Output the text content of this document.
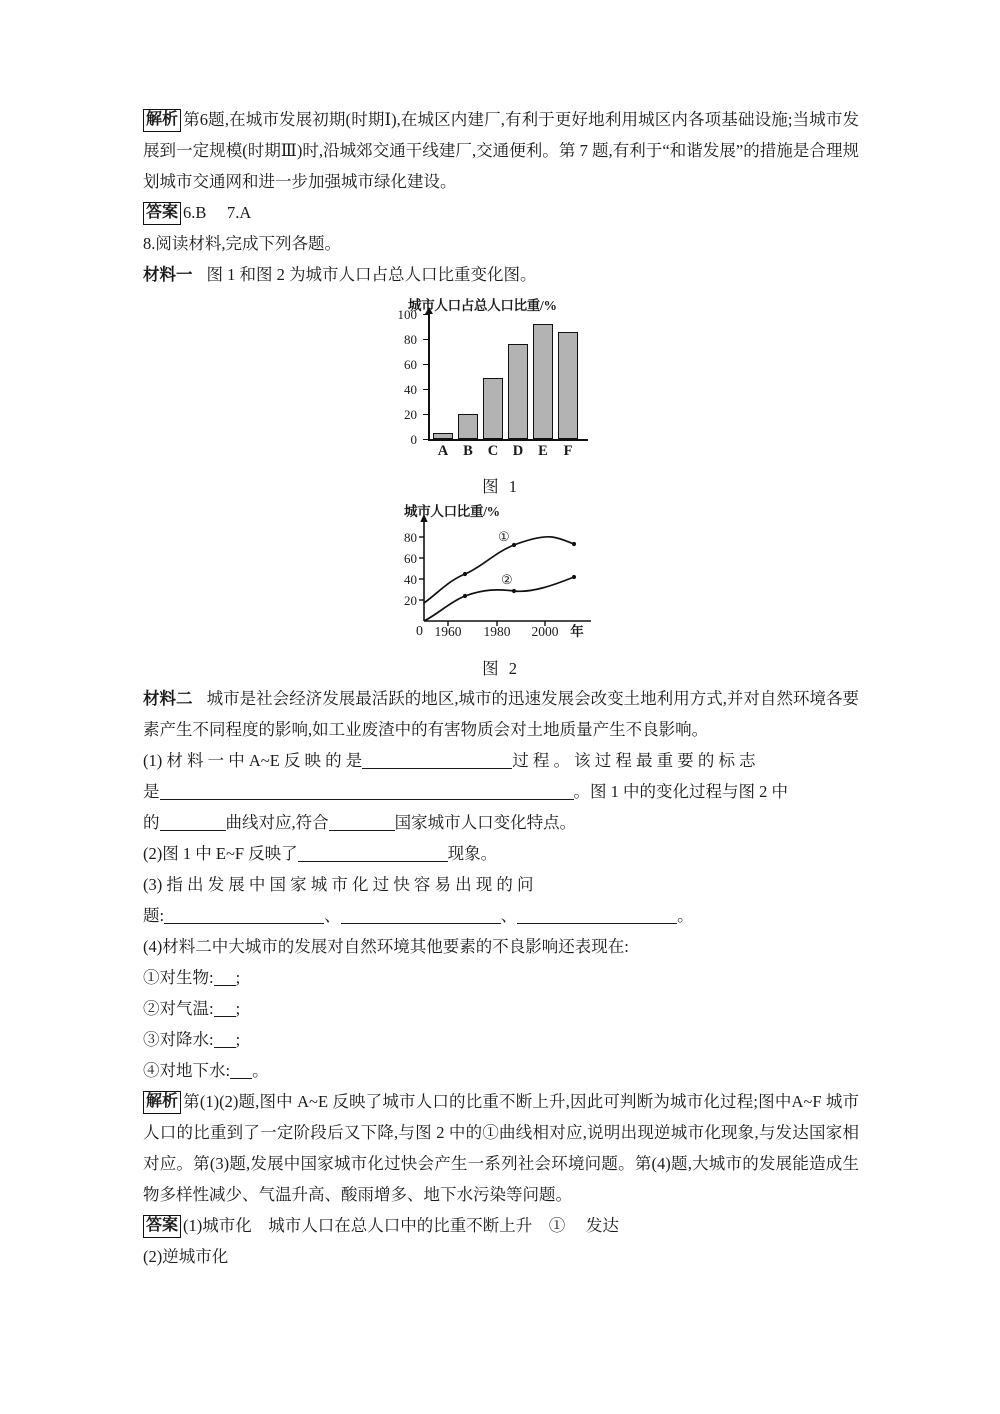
解析 第6题,在城市发展初期(时期Ⅰ),在城区内建厂,有利于更好地利用城区内各项基础设施;当城市发展到一定规模(时期Ⅲ)时,沿城郊交通干线建厂,交通便利。第 7 题,有利于“和谐发展”的措施是合理规划城市交通网和进一步加强城市绿化建设。

答案 6.B  7.A

8.阅读材料,完成下列各题。

材料一 图 1 和图 2 为城市人口占总人口比重变化图。

城市人口占总人口比重/%
0
20
40
60
80
100
A	B	C	D	E	F
图 1
城市人口比重/%
20
40
60
80
0 1960	1980	2000 年
①
②
图 2

材料二 城市是社会经济发展最活跃的地区,城市的迅速发展会改变土地利用方式,并对自然环境各要素产生不同程度的影响,如工业废渣中的有害物质会对土地质量产生不良影响。

(1) 材 料 一 中 A~E 反 映 的 是	过 程 。 该 过 程 最 重 要 的 标 志

是	。图 1 中的变化过程与图 2 中

的	曲线对应,符合	国家城市人口变化特点。

(2)图 1 中 E~F 反映了	现象。

(3) 指 出 发 展 中 国 家 城 市 化 过 快 容 易 出 现 的 问

题:	、	、	。

(4)材料二中大城市的发展对自然环境其他要素的不良影响还表现在:

①对生物: ;

②对气温: ;

③对降水: ;

④对地下水: 。

解析 第(1)(2)题,图中 A~E 反映了城市人口的比重不断上升,因此可判断为城市化过程;图中A~F 城市人口的比重到了一定阶段后又下降,与图 2 中的①曲线相对应,说明出现逆城市化现象,与发达国家相对应。第(3)题,发展中国家城市化过快会产生一系列社会环境问题。第(4)题,大城市的发展能造成生物多样性减少、气温升高、酸雨增多、地下水污染等问题。

答案 (1)城市化 城市人口在总人口中的比重不断上升 ①  发达

(2)逆城市化
